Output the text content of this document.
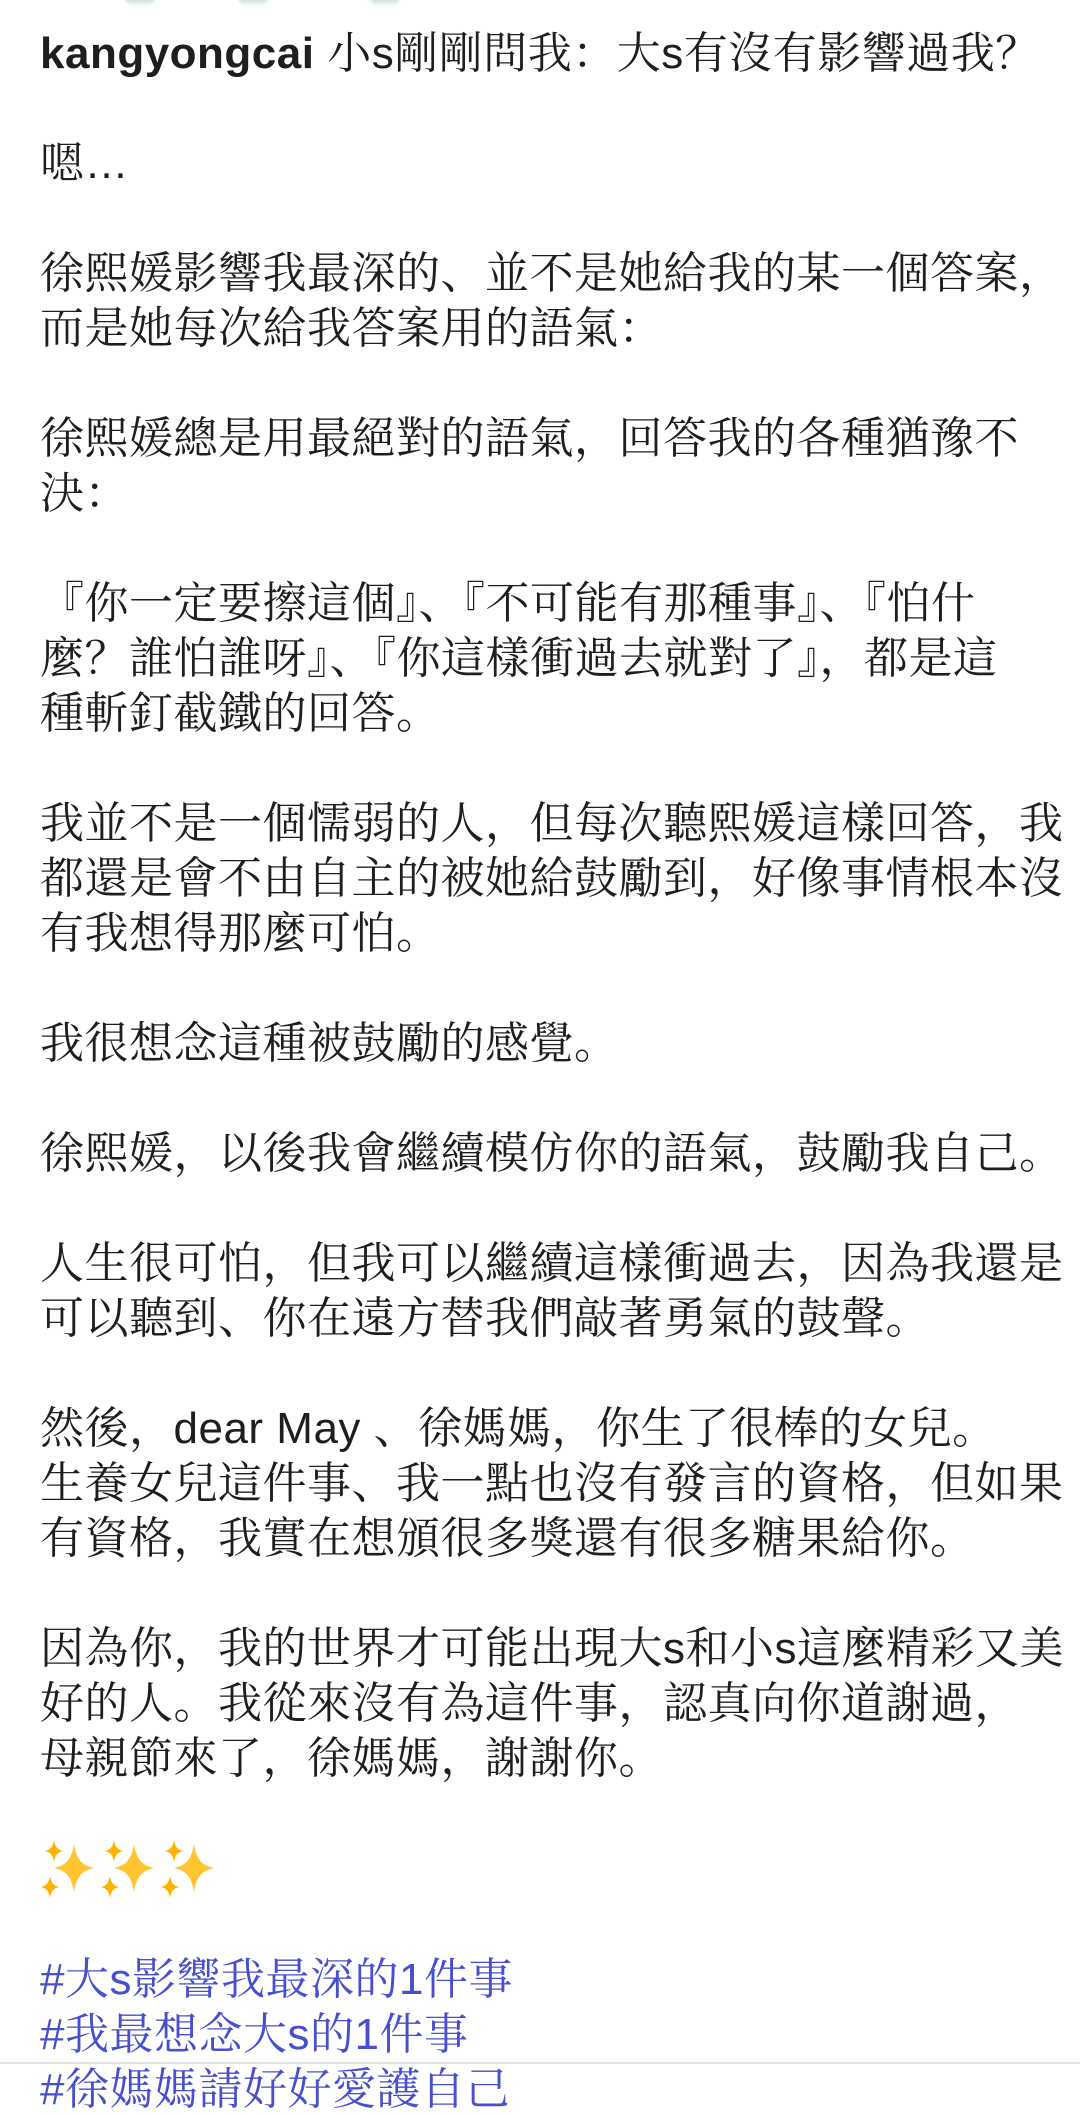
kangyongcai 小s剛剛問我：大s有沒有影響過我？
嗯…
徐熙媛影響我最深的、並不是她給我的某一個答案，
而是她每次給我答案用的語氣：
徐熙媛總是用最絕對的語氣，回答我的各種猶豫不
決：
『你一定要擦這個』、『不可能有那種事』、『怕什
麼？誰怕誰呀』、『你這樣衝過去就對了』，都是這
種斬釘截鐵的回答。
我並不是一個懦弱的人，但每次聽熙媛這樣回答，我
都還是會不由自主的被她給鼓勵到，好像事情根本沒
有我想得那麼可怕。
我很想念這種被鼓勵的感覺。
徐熙媛，以後我會繼續模仿你的語氣，鼓勵我自己。
人生很可怕，但我可以繼續這樣衝過去，因為我還是
可以聽到、你在遠方替我們敲著勇氣的鼓聲。
然後，dear May 、徐媽媽，你生了很棒的女兒。
生養女兒這件事、我一點也沒有發言的資格，但如果
有資格，我實在想頒很多獎還有很多糖果給你。
因為你，我的世界才可能出現大s和小s這麼精彩又美
好的人。我從來沒有為這件事，認真向你道謝過，
母親節來了，徐媽媽，謝謝你。
#大s影響我最深的1件事
#我最想念大s的1件事
#徐媽媽請好好愛護自己
